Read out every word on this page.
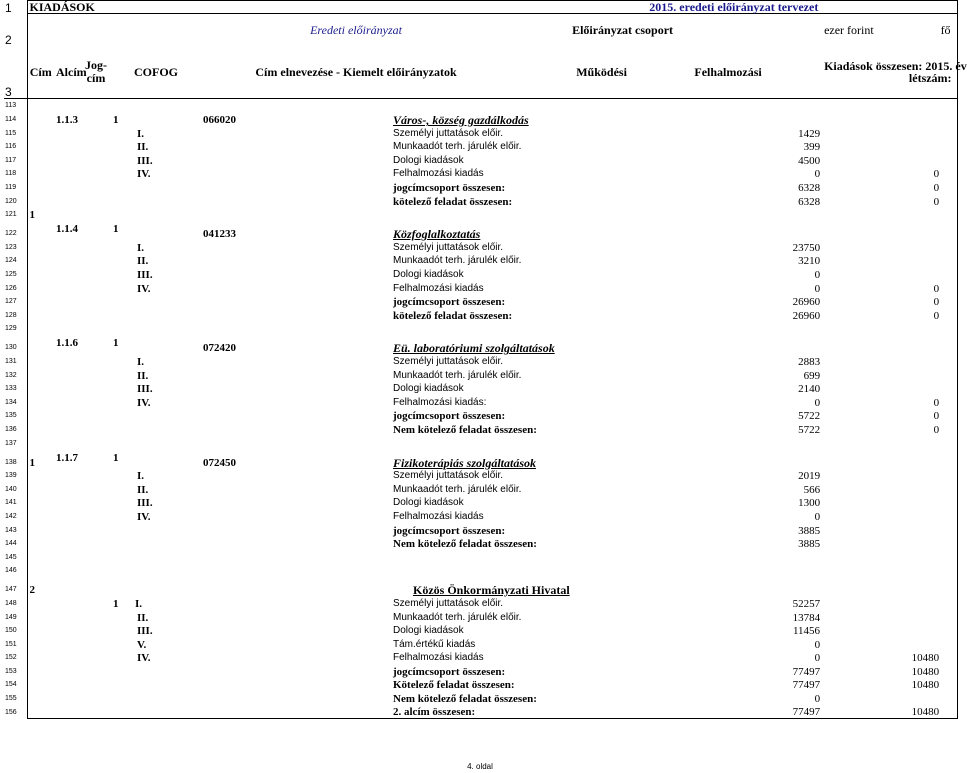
1	KIADÁSOK						2015. eredeti előirányzat tervezet			
2					Eredeti előirányzat		Előirányzat csoport		ezer forint fő	

3	Cím	Alcím	Jog-
cím	COFOG	Cím elnevezése - Kiemelt előirányzatok		Működési	Felhalmozási	Kiadások összesen: 2015. év
létszám:	

113										
114		1.1.3		1	066020	Város-, község gazdálkodás				
115				I.		Személyi juttatások előir.		1429			
116				II.		Munkaadót terh. járulék előir.		399			
117				III.		Dologi kiadások		4500			
118				IV.		Felhalmozási kiadás		0	0		
119						jogcímcsoport összesen:		6328	0		
120						kötelező feladat összesen:		6328	0		
121	1									
122		1.1.4		1	041233	Közfoglalkoztatás				
123				I.		Személyi juttatások előir.		23750			
124				II.		Munkaadót terh. járulék előir.		3210			
125				III.		Dologi kiadások		0			
126				IV.		Felhalmozási kiadás		0	0		
127						jogcímcsoport összesen:		26960	0		
128						kötelező feladat összesen:		26960	0		
129										
130		1.1.6		1	072420	Eü. laboratóriumi szolgáltatások				
131				I.		Személyi juttatások előir.		2883			
132				II.		Munkaadót terh. járulék előir.		699			
133				III.		Dologi kiadások		2140			
134				IV.		Felhalmozási kiadás:		0	0		
135						jogcímcsoport összesen:		5722	0		
136						Nem kötelező feladat összesen:		5722	0		
137										
138	1	1.1.7		1	072450	Fizikoterápiás szolgáltatások				
139				I.		Személyi juttatások előir.		2019			
140				II.		Munkaadót terh. járulék előir.		566			
141				III.		Dologi kiadások		1300			
142				IV.		Felhalmozási kiadás		0			
143						jogcímcsoport összesen:		3885			
144						Nem kötelező feladat összesen:		3885			
145										
146										
147	2					Közös Önkormányzati Hivatal				
148				1 I.		Személyi juttatások előir.		52257			
149				II.		Munkaadót terh. járulék előir.		13784			
150				III.		Dologi kiadások		11456			
151				V.		Tám.értékű kiadás		0			
152				IV.		Felhalmozási kiadás		0	10480		
153						jogcímcsoport összesen:		77497	10480		
154						Kötelező feladat összesen:		77497	10480		
155						Nem kötelező feladat összesen:		0			
156						2. alcím összesen:		77497	10480		
4. oldal
